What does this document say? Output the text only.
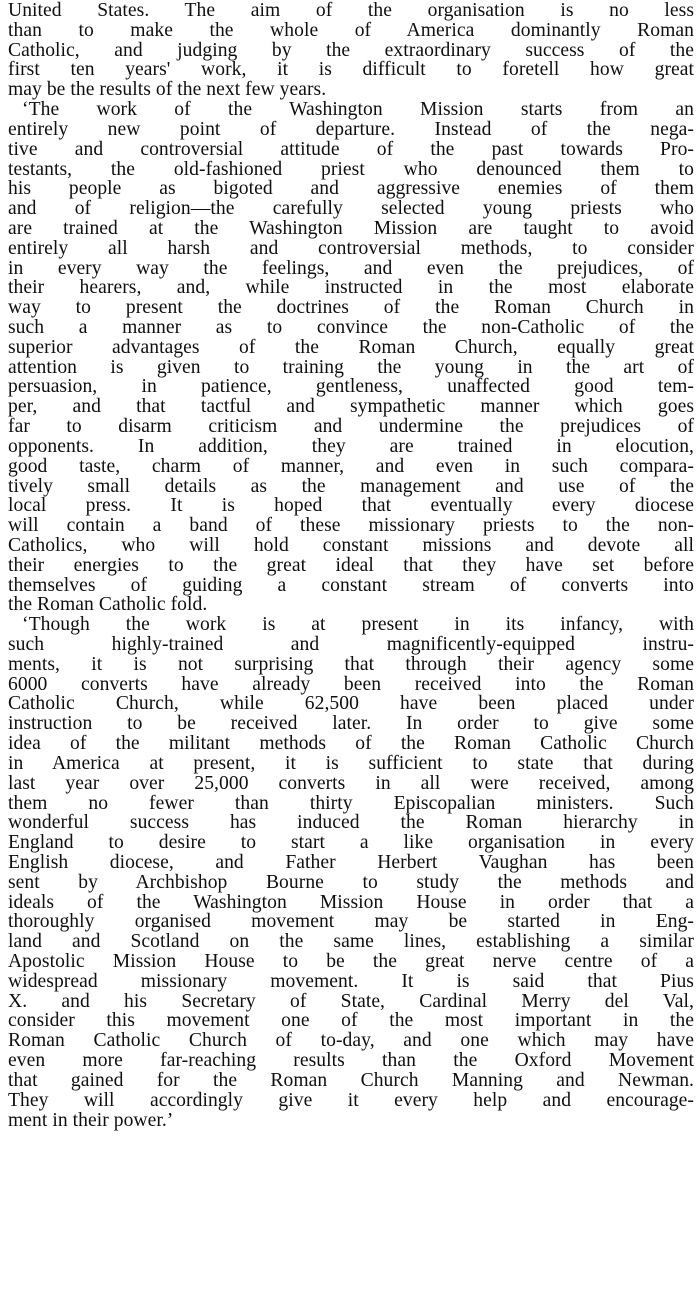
United States. The aim of the organisation is no less
than to make the whole of America dominantly Roman
Catholic, and judging by the extraordinary success of the
first ten years' work, it is difficult to foretell how great
may be the results of the next few years.
‘The work of the Washington Mission starts from an
entirely new point of departure. Instead of the nega-
tive and controversial attitude of the past towards Pro-
testants, the old-fashioned priest who denounced them to
his people as bigoted and aggressive enemies of them
and of religion—the carefully selected young priests who
are trained at the Washington Mission are taught to avoid
entirely all harsh and controversial methods, to consider
in every way the feelings, and even the prejudices, of
their hearers, and, while instructed in the most elaborate
way to present the doctrines of the Roman Church in
such a manner as to convince the non-Catholic of the
superior advantages of the Roman Church, equally great
attention is given to training the young in the art of
persuasion, in patience, gentleness, unaffected good tem-
per, and that tactful and sympathetic manner which goes
far to disarm criticism and undermine the prejudices of
opponents. In addition, they are trained in elocution,
good taste, charm of manner, and even in such compara-
tively small details as the management and use of the
local press. It is hoped that eventually every diocese
will contain a band of these missionary priests to the non-
Catholics, who will hold constant missions and devote all
their energies to the great ideal that they have set before
themselves of guiding a constant stream of converts into
the Roman Catholic fold.
‘Though the work is at present in its infancy, with
such highly-trained and magnificently-equipped instru-
ments, it is not surprising that through their agency some
6000 converts have already been received into the Roman
Catholic Church, while 62,500 have been placed under
instruction to be received later. In order to give some
idea of the militant methods of the Roman Catholic Church
in America at present, it is sufficient to state that during
last year over 25,000 converts in all were received, among
them no fewer than thirty Episcopalian ministers. Such
wonderful success has induced the Roman hierarchy in
England to desire to start a like organisation in every
English diocese, and Father Herbert Vaughan has been
sent by Archbishop Bourne to study the methods and
ideals of the Washington Mission House in order that a
thoroughly organised movement may be started in Eng-
land and Scotland on the same lines, establishing a similar
Apostolic Mission House to be the great nerve centre of a
widespread missionary movement. It is said that Pius
X. and his Secretary of State, Cardinal Merry del Val,
consider this movement one of the most important in the
Roman Catholic Church of to-day, and one which may have
even more far-reaching results than the Oxford Movement
that gained for the Roman Church Manning and Newman.
They will accordingly give it every help and encourage-
ment in their power.’
